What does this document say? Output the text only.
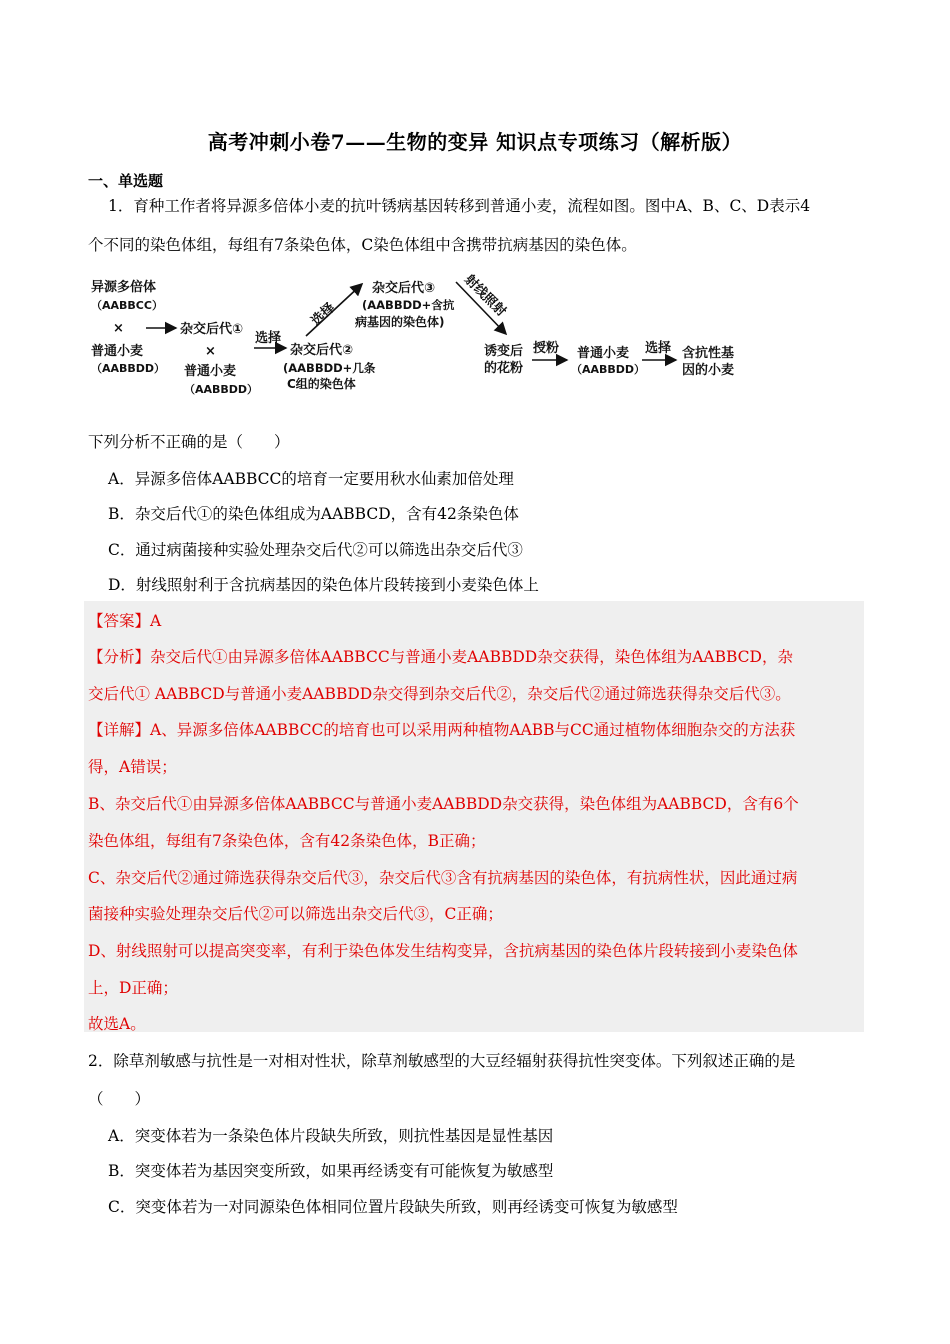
高考冲刺小卷7——生物的变异 知识点专项练习（解析版）
一、单选题
1．育种工作者将异源多倍体小麦的抗叶锈病基因转移到普通小麦，流程如图。图中A、B、C、D表示4
个不同的染色体组，每组有7条染色体，C染色体组中含携带抗病基因的染色体。
异源多倍体
（AABBCC）
×
普通小麦
（AABBDD）
杂交后代①
×
普通小麦
（AABBDD）
选择
杂交后代②
(AABBDD+几条
C组的染色体
选择
杂交后代③
(AABBDD+含抗
病基因的染色体)
射线照射
诱变后
的花粉
授粉 普通小麦
（AABBDD）
选择 含抗性基
因的小麦
下列分析不正确的是（　　）
A．异源多倍体AABBCC的培育一定要用秋水仙素加倍处理
B．杂交后代①的染色体组成为AABBCD，含有42条染色体
C．通过病菌接种实验处理杂交后代②可以筛选出杂交后代③
D．射线照射利于含抗病基因的染色体片段转接到小麦染色体上
【答案】A
【分析】杂交后代①由异源多倍体AABBCC与普通小麦AABBDD杂交获得，染色体组为AABBCD，杂
交后代① AABBCD与普通小麦AABBDD杂交得到杂交后代②，杂交后代②通过筛选获得杂交后代③。
【详解】A、异源多倍体AABBCC的培育也可以采用两种植物AABB与CC通过植物体细胞杂交的方法获
得，A错误；
B、杂交后代①由异源多倍体AABBCC与普通小麦AABBDD杂交获得，染色体组为AABBCD，含有6个
染色体组，每组有7条染色体，含有42条染色体，B正确；
C、杂交后代②通过筛选获得杂交后代③，杂交后代③含有抗病基因的染色体，有抗病性状，因此通过病
菌接种实验处理杂交后代②可以筛选出杂交后代③，C正确；
D、射线照射可以提高突变率，有利于染色体发生结构变异，含抗病基因的染色体片段转接到小麦染色体
上，D正确；
故选A。
2．除草剂敏感与抗性是一对相对性状，除草剂敏感型的大豆经辐射获得抗性突变体。下列叙述正确的是
（　　）
A．突变体若为一条染色体片段缺失所致，则抗性基因是显性基因
B．突变体若为基因突变所致，如果再经诱变有可能恢复为敏感型
C．突变体若为一对同源染色体相同位置片段缺失所致，则再经诱变可恢复为敏感型
